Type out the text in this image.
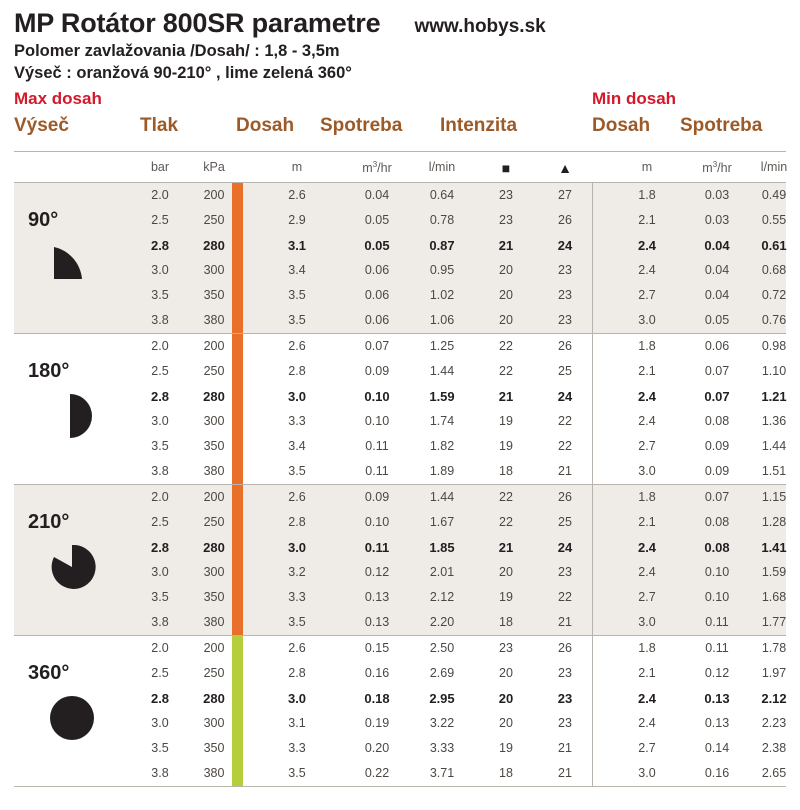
MP Rotátor 800SR parametre www.hobys.sk
Polomer zavlažovania /Dosah/ : 1,8 - 3,5m
Výseč : oranžová 90-210° , lime zelená 360°
Max dosah	Min dosah
Výseč	Tlak	Dosah Spotreba Intenzita	Dosah Spotreba
bar	kPa	m	$m^3/hr$	l/min	■	▲	m	$m^3/hr$ l/min
90°
2.0	200	2.6	0.04	0.64	23	27	1.8	0.03	0.49
2.5	250	2.9	0.05	0.78	23	26	2.1	0.03	0.55
2.8	280	3.1	0.05	0.87	21	24	2.4	0.04 0.61
3.0	300	3.4	0.06	0.95	20	23	2.4	0.04	0.68
3.5	350	3.5	0.06	1.02	20	23	2.7	0.04	0.72
3.8	380	3.5	0.06	1.06	20	23	3.0	0.05	0.76
180°
2.0	200	2.6	0.07	1.25	22	26	1.8	0.06	0.98
2.5	250	2.8	0.09	1.44	22	25	2.1	0.07	1.10
2.8	280	3.0	0.10	1.59	21	24	2.4	0.07 1.21
3.0	300	3.3	0.10	1.74	19	22	2.4	0.08	1.36
3.5	350	3.4	0.11	1.82	19	22	2.7	0.09	1.44
3.8	380	3.5	0.11	1.89	18	21	3.0	0.09	1.51
210°
2.0	200	2.6	0.09	1.44	22	26	1.8	0.07	1.15
2.5	250	2.8	0.10	1.67	22	25	2.1	0.08	1.28
2.8	280	3.0	0.11	1.85	21	24	2.4	0.08 1.41
3.0	300	3.2	0.12	2.01	20	23	2.4	0.10	1.59
3.5	350	3.3	0.13	2.12	19	22	2.7	0.10	1.68
3.8	380	3.5	0.13	2.20	18	21	3.0	0.11	1.77
360°
2.0	200	2.6	0.15	2.50	23	26	1.8	0.11	1.78
2.5	250	2.8	0.16	2.69	20	23	2.1	0.12	1.97
2.8	280	3.0	0.18	2.95	20	23	2.4	0.13 2.12
3.0	300	3.1	0.19	3.22	20	23	2.4	0.13	2.23
3.5	350	3.3	0.20	3.33	19	21	2.7	0.14	2.38
3.8	380	3.5	0.22	3.71	18	21	3.0	0.16	2.65
